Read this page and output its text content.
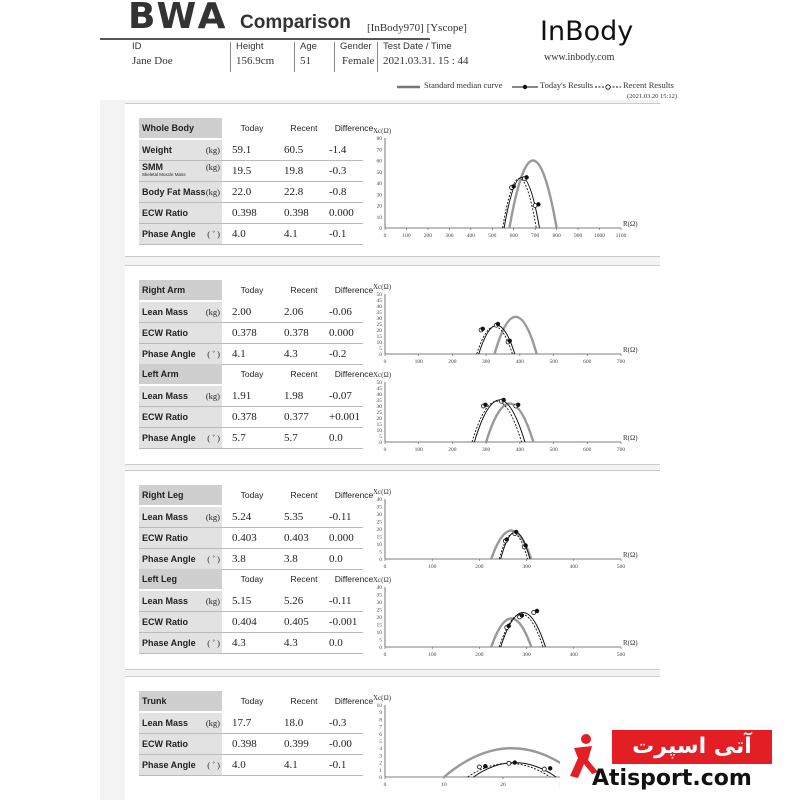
BWA Comparison [InBody970] [Yscope]	InBody
www.inbody.com
ID
Jane Doe
Height
156.9cm
Age
51
Gender
Female
Test Date / Time
2021.03.31. 15 : 44
Standard median curve	Today's Results	Recent Results
(2021.03.20 15:12)
Whole Body	Today	Recent	Difference
Weight	(kg) 59.1	60.5 -1.4
SMM
Skeletal Muscle Mass
(kg) 19.5	19.8 -0.3
Body Fat Mass (kg) 22.0	22.8 -0.8
ECW Ratio	0.398 0.398 0.000
Phase Angle ( ˚ ) 4.0	4.1	-0.1
Xc(Ω)
R(Ω)
0
10
20
30
40
50
60
70
80
0	100 200 300 400 500 600 700 800 900 1000 1100
Right Arm	Today	Recent	Difference
Lean Mass (kg) 2.00	2.06 -0.06
ECW Ratio	0.378 0.378 0.000
Phase Angle ( ˚ ) 4.1	4.3	-0.2
Left Arm	Today	Recent	Difference
Lean Mass (kg) 1.91	1.98 -0.07
ECW Ratio	0.378 0.377 +0.001
Phase Angle ( ˚ ) 5.7	5.7	0.0
Xc(Ω)
R(Ω)
0
5
10
15
20
25
30
35
40
45
50
0	100	200	300	400	500	600	700
Xc(Ω)
R(Ω)
0
5
10
15
20
25
30
35
40
45
50
0	100	200	300	400	500	600	700
Right Leg	Today	Recent	Difference
Lean Mass (kg) 5.24	5.35 -0.11
ECW Ratio	0.403 0.403 0.000
Phase Angle ( ˚ ) 3.8	3.8	0.0
Left Leg	Today	Recent	Difference
Lean Mass (kg) 5.15	5.26 -0.11
ECW Ratio	0.404 0.405 -0.001
Phase Angle ( ˚ ) 4.3	4.3	0.0
Xc(Ω)
R(Ω)
0
5
10
15
20
25
30
35
40
0	100	200	300	400	500
Xc(Ω)
R(Ω)
0
5
10
15
20
25
30
35
40
0	100	200	300	400	500
Trunk	Today	Recent	Difference
Lean Mass (kg) 17.7	18.0 -0.3
ECW Ratio	0.398 0.399 -0.00
Phase Angle ( ˚ ) 4.0	4.1	-0.1
Xc(Ω)
0
1
2
3
4
5
6
7
8
9
10
0	10	20
آتی اسپرت
Atisport.com
